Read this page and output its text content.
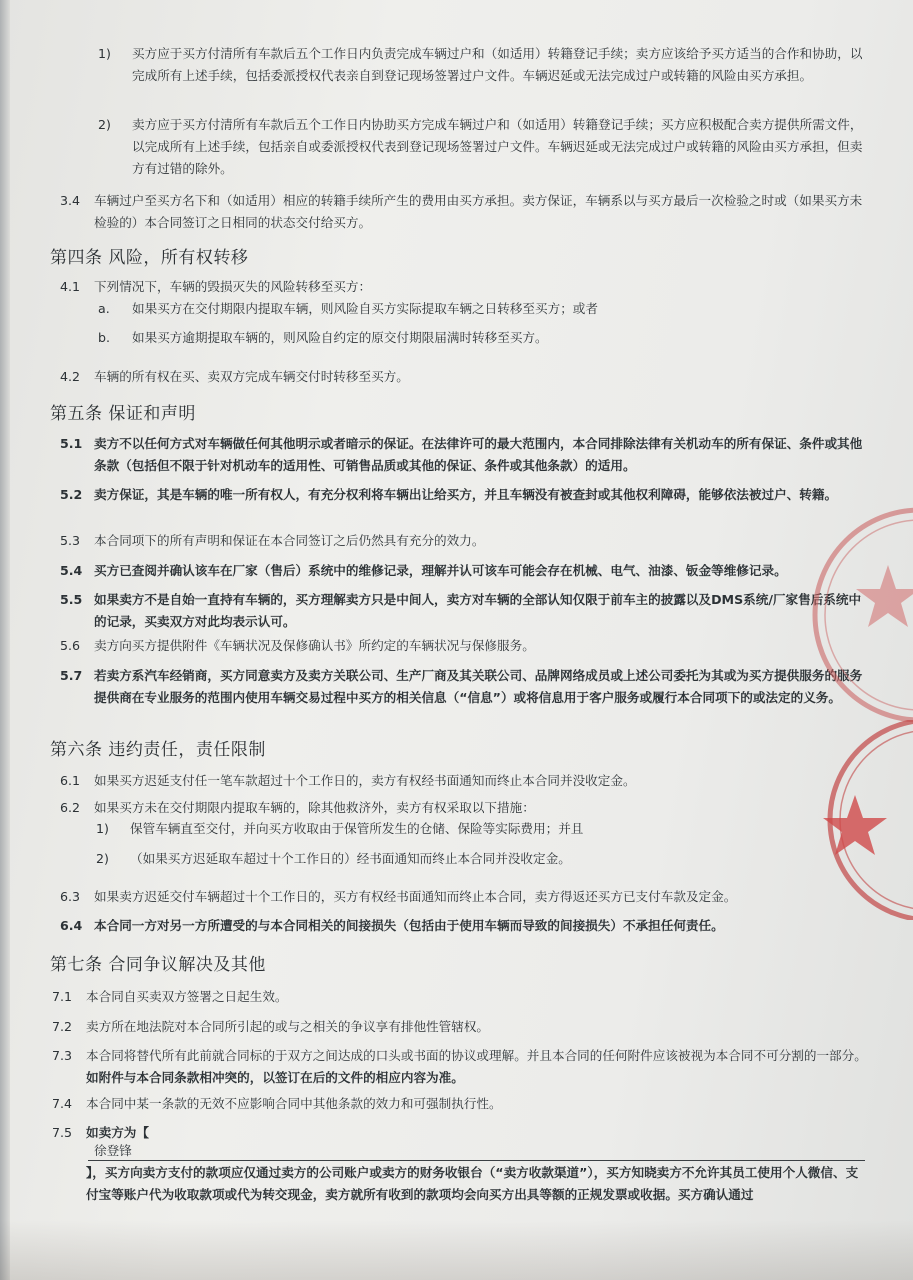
1) 买方应于买方付清所有车款后五个工作日内负责完成车辆过户和（如适用）转籍登记手续；卖方应该给予买方适当的合作和协助，以完成所有上述手续，包括委派授权代表亲自到登记现场签署过户文件。车辆迟延或无法完成过户或转籍的风险由买方承担。
2) 卖方应于买方付清所有车款后五个工作日内协助买方完成车辆过户和（如适用）转籍登记手续；买方应积极配合卖方提供所需文件，以完成所有上述手续，包括亲自或委派授权代表到登记现场签署过户文件。车辆迟延或无法完成过户或转籍的风险由买方承担，但卖方有过错的除外。
3.4 车辆过户至买方名下和（如适用）相应的转籍手续所产生的费用由买方承担。卖方保证，车辆系以与买方最后一次检验之时或（如果买方未检验的）本合同签订之日相同的状态交付给买方。
第四条 风险，所有权转移
4.1 下列情况下，车辆的毁损灭失的风险转移至买方：
a. 如果买方在交付期限内提取车辆，则风险自买方实际提取车辆之日转移至买方；或者
b. 如果买方逾期提取车辆的，则风险自约定的原交付期限届满时转移至买方。
4.2 车辆的所有权在买、卖双方完成车辆交付时转移至买方。
第五条 保证和声明
5.1 卖方不以任何方式对车辆做任何其他明示或者暗示的保证。在法律许可的最大范围内，本合同排除法律有关机动车的所有保证、条件或其他条款（包括但不限于针对机动车的适用性、可销售品质或其他的保证、条件或其他条款）的适用。
5.2 卖方保证，其是车辆的唯一所有权人，有充分权利将车辆出让给买方，并且车辆没有被查封或其他权利障碍，能够依法被过户、转籍。
5.3 本合同项下的所有声明和保证在本合同签订之后仍然具有充分的效力。
5.4 买方已查阅并确认该车在厂家（售后）系统中的维修记录，理解并认可该车可能会存在机械、电气、油漆、钣金等维修记录。
5.5 如果卖方不是自始一直持有车辆的，买方理解卖方只是中间人，卖方对车辆的全部认知仅限于前车主的披露以及DMS系统/厂家售后系统中的记录，买卖双方对此均表示认可。
5.6 卖方向买方提供附件《车辆状况及保修确认书》所约定的车辆状况与保修服务。
5.7 若卖方系汽车经销商，买方同意卖方及卖方关联公司、生产厂商及其关联公司、品牌网络成员或上述公司委托为其或为买方提供服务的服务提供商在专业服务的范围内使用车辆交易过程中买方的相关信息（“信息”）或将信息用于客户服务或履行本合同项下的或法定的义务。
第六条 违约责任，责任限制
6.1 如果买方迟延支付任一笔车款超过十个工作日的，卖方有权经书面通知而终止本合同并没收定金。
6.2 如果买方未在交付期限内提取车辆的，除其他救济外，卖方有权采取以下措施：
1) 保管车辆直至交付，并向买方收取由于保管所发生的仓储、保险等实际费用；并且
2) （如果买方迟延取车超过十个工作日的）经书面通知而终止本合同并没收定金。
6.3 如果卖方迟延交付车辆超过十个工作日的，买方有权经书面通知而终止本合同，卖方得返还买方已支付车款及定金。
6.4 本合同一方对另一方所遭受的与本合同相关的间接损失（包括由于使用车辆而导致的间接损失）不承担任何责任。
第七条 合同争议解决及其他
7.1 本合同自买卖双方签署之日起生效。
7.2 卖方所在地法院对本合同所引起的或与之相关的争议享有排他性管辖权。
7.3 本合同将替代所有此前就合同标的于双方之间达成的口头或书面的协议或理解。并且本合同的任何附件应该被视为本合同不可分割的一部分。如附件与本合同条款相冲突的，以签订在后的文件的相应内容为准。
7.4 本合同中某一条款的无效不应影响合同中其他条款的效力和可强制执行性。
7.5 如卖方为【
徐登锋
】，买方向卖方支付的款项应仅通过卖方的公司账户或卖方的财务收银台（“卖方收款渠道”），买方知晓卖方不允许其员工使用个人微信、支付宝等账户代为收取款项或代为转交现金，卖方就所有收到的款项均会向买方出具等额的正规发票或收据。买方确认通过
